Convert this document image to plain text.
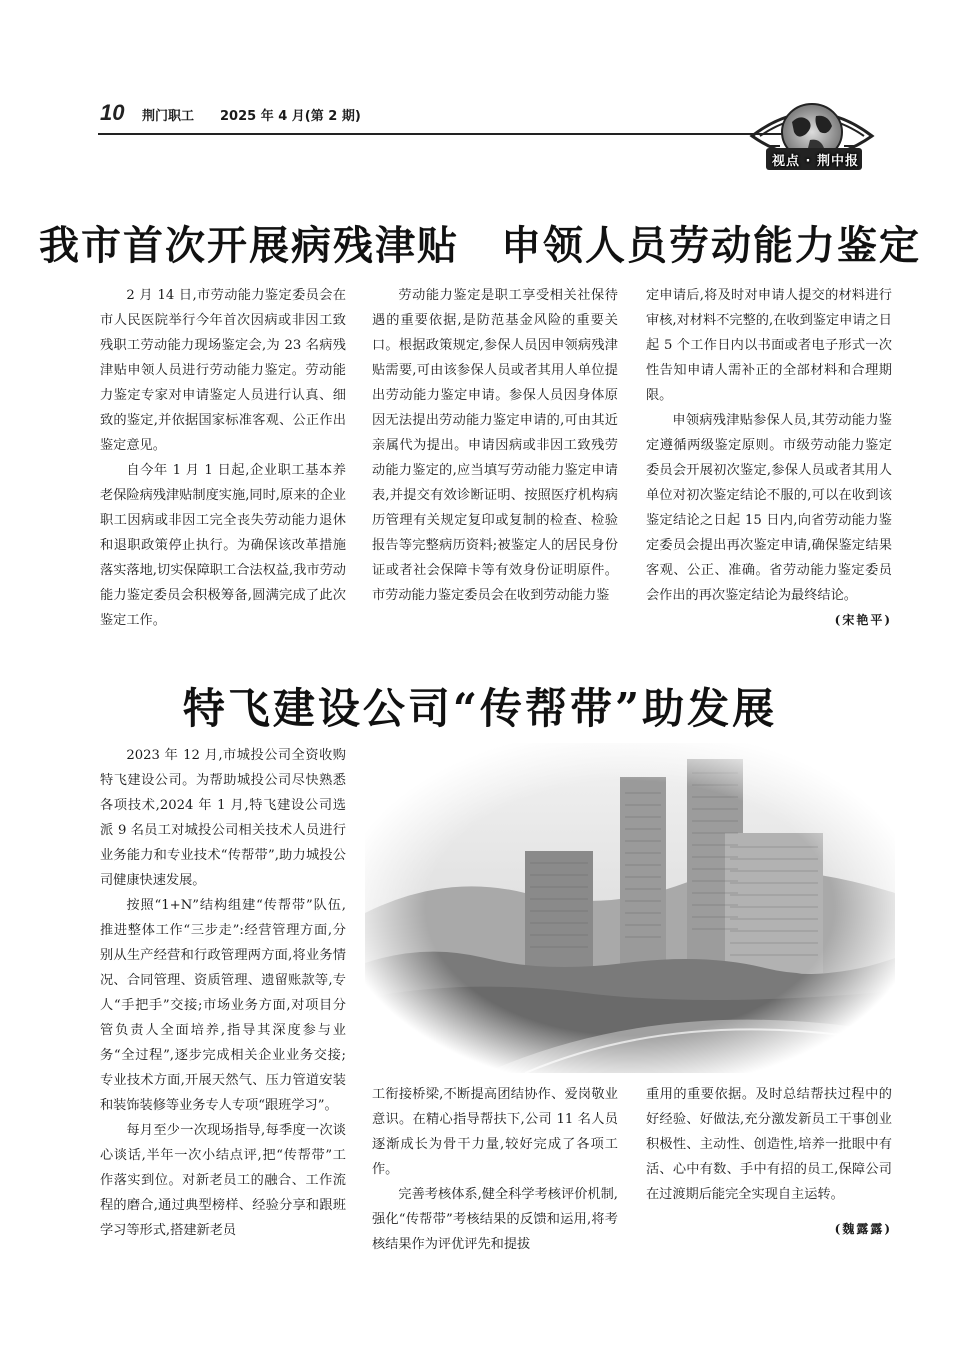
10 荆门职工 2025 年 4 月(第 2 期)
视点 · 荆中报
我市首次开展病残津贴　申领人员劳动能力鉴定

2 月 14 日,市劳动能力鉴定委员会在市人民医院举行今年首次因病或非因工致残职工劳动能力现场鉴定会,为 23 名病残津贴申领人员进行劳动能力鉴定。劳动能力鉴定专家对申请鉴定人员进行认真、细致的鉴定,并依据国家标准客观、公正作出鉴定意见。

自今年 1 月 1 日起,企业职工基本养老保险病残津贴制度实施,同时,原来的企业职工因病或非因工完全丧失劳动能力退休和退职政策停止执行。为确保该改革措施落实落地,切实保障职工合法权益,我市劳动能力鉴定委员会积极筹备,圆满完成了此次鉴定工作。

劳动能力鉴定是职工享受相关社保待遇的重要依据,是防范基金风险的重要关口。根据政策规定,参保人员因申领病残津贴需要,可由该参保人员或者其用人单位提出劳动能力鉴定申请。参保人员因身体原因无法提出劳动能力鉴定申请的,可由其近亲属代为提出。申请因病或非因工致残劳动能力鉴定的,应当填写劳动能力鉴定申请表,并提交有效诊断证明、按照医疗机构病历管理有关规定复印或复制的检查、检验报告等完整病历资料;被鉴定人的居民身份证或者社会保障卡等有效身份证明原件。市劳动能力鉴定委员会在收到劳动能力鉴

定申请后,将及时对申请人提交的材料进行审核,对材料不完整的,在收到鉴定申请之日起 5 个工作日内以书面或者电子形式一次性告知申请人需补正的全部材料和合理期限。

申领病残津贴参保人员,其劳动能力鉴定遵循两级鉴定原则。市级劳动能力鉴定委员会开展初次鉴定,参保人员或者其用人单位对初次鉴定结论不服的,可以在收到该鉴定结论之日起 15 日内,向省劳动能力鉴定委员会提出再次鉴定申请,确保鉴定结果客观、公正、准确。省劳动能力鉴定委员会作出的再次鉴定结论为最终结论。

(宋艳平)
特飞建设公司“传帮带”助发展

2023 年 12 月,市城投公司全资收购特飞建设公司。为帮助城投公司尽快熟悉各项技术,2024 年 1 月,特飞建设公司选派 9 名员工对城投公司相关技术人员进行业务能力和专业技术“传帮带”,助力城投公司健康快速发展。

按照“1+N”结构组建“传帮带”队伍,推进整体工作“三步走”:经营管理方面,分别从生产经营和行政管理两方面,将业务情况、合同管理、资质管理、遗留账款等,专人“手把手”交接;市场业务方面,对项目分管负责人全面培养,指导其深度参与业务“全过程”,逐步完成相关企业业务交接;专业技术方面,开展天然气、压力管道安装和装饰装修等业务专人专项“跟班学习”。

每月至少一次现场指导,每季度一次谈心谈话,半年一次小结点评,把“传帮带”工作落实到位。对新老员工的融合、工作流程的磨合,通过典型榜样、经验分享和跟班学习等形式,搭建新老员

工衔接桥梁,不断提高团结协作、爱岗敬业意识。在精心指导帮扶下,公司 11 名人员逐渐成长为骨干力量,较好完成了各项工作。

完善考核体系,健全科学考核评价机制,强化“传帮带”考核结果的反馈和运用,将考核结果作为评优评先和提拔

重用的重要依据。及时总结帮扶过程中的好经验、好做法,充分激发新员工干事创业积极性、主动性、创造性,培养一批眼中有活、心中有数、手中有招的员工,保障公司在过渡期后能完全实现自主运转。

(魏露露)
